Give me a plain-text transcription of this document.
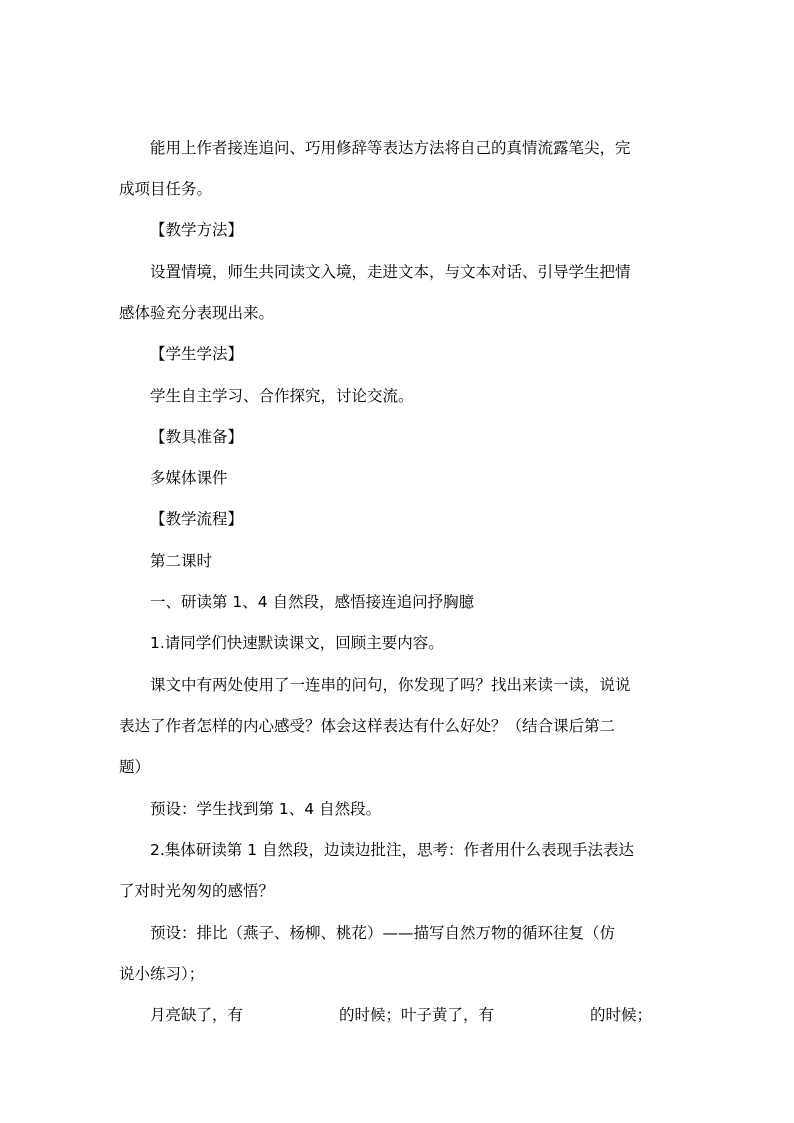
能用上作者接连追问、巧用修辞等表达方法将自己的真情流露笔尖，完
成项目任务。
【教学方法】
设置情境，师生共同读文入境，走进文本，与文本对话、引导学生把情
感体验充分表现出来。
【学生学法】
学生自主学习、合作探究，讨论交流。
【教具准备】
多媒体课件
【教学流程】
第二课时
一、研读第 1、4 自然段，感悟接连追问抒胸臆
1.请同学们快速默读课文，回顾主要内容。
课文中有两处使用了一连串的问句，你发现了吗？找出来读一读，说说
表达了作者怎样的内心感受？体会这样表达有什么好处？（结合课后第二
题）
预设：学生找到第 1、4 自然段。
2.集体研读第 1 自然段，边读边批注，思考：作者用什么表现手法表达
了对时光匆匆的感悟？
预设：排比（燕子、杨柳、桃花）——描写自然万物的循环往复（仿
说小练习）；
月亮缺了，有	的时候；叶子黄了，有	的时候；
